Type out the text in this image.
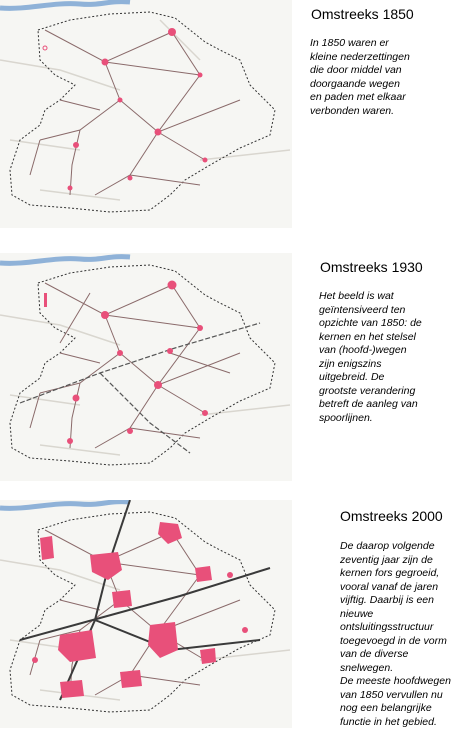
Omstreeks 1850
In 1850 waren er
kleine nederzettingen
die door middel van
doorgaande wegen
en paden met elkaar
verbonden waren.
Omstreeks 1930
Het beeld is wat
geïntensiveerd ten
opzichte van 1850: de
kernen en het stelsel
van (hoofd-)wegen
zijn enigszins
uitgebreid. De
grootste verandering
betreft de aanleg van
spoorlijnen.
Omstreeks 2000
De daarop volgende
zeventig jaar zijn de
kernen fors gegroeid,
vooral vanaf de jaren
vijftig. Daarbij is een
nieuwe
ontsluitingsstructuur
toegevoegd in de vorm
van de diverse
snelwegen.
De meeste hoofdwegen
van 1850 vervullen nu
nog een belangrijke
functie in het gebied.
